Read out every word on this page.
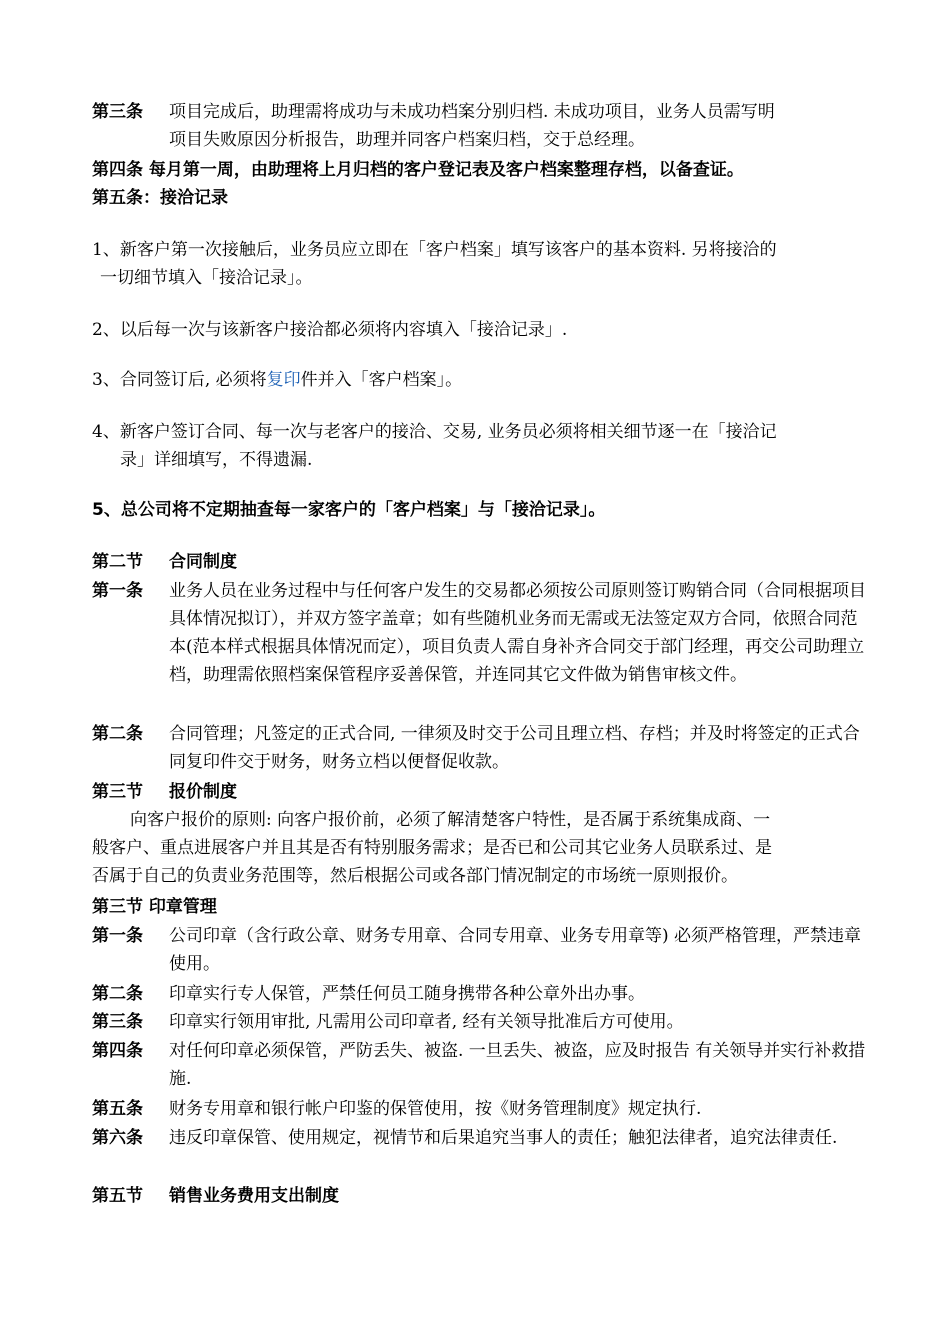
第三条 项目完成后，助理需将成功与未成功档案分别归档. 未成功项目，业务人员需写明
项目失败原因分析报告，助理并同客户档案归档，交于总经理。
第四条 每月第一周，由助理将上月归档的客户登记表及客户档案整理存档，以备查证。
第五条：接洽记录
1、新客户第一次接触后，业务员应立即在「客户档案」填写该客户的基本资料. 另将接洽的
一切细节填入「接洽记录」。
2、以后每一次与该新客户接洽都必须将内容填入「接洽记录」.
3、合同签订后, 必须将复印件并入「客户档案」。
4、新客户签订合同、每一次与老客户的接洽、交易, 业务员必须将相关细节逐一在「接洽记
录」详细填写，不得遗漏.
5、总公司将不定期抽查每一家客户的「客户档案」与「接洽记录」。
第二节 合同制度
第一条	业务人员在业务过程中与任何客户发生的交易都必须按公司原则签订购销合同（合同根据项目具体情况拟订），并双方签字盖章；如有些随机业务而无需或无法签定双方合同，依照合同范本(范本样式根据具体情况而定），项目负责人需自身补齐合同交于部门经理，再交公司助理立档，助理需依照档案保管程序妥善保管，并连同其它文件做为销售审核文件。
第二条	合同管理；凡签定的正式合同, 一律须及时交于公司且理立档、存档；并及时将签定的正式合同复印件交于财务，财务立档以便督促收款。
第三节 报价制度
向客户报价的原则: 向客户报价前，必须了解清楚客户特性，是否属于系统集成商、一
般客户、重点进展客户并且其是否有特别服务需求；是否已和公司其它业务人员联系过、是
否属于自己的负责业务范围等，然后根据公司或各部门情况制定的市场统一原则报价。
第三节 印章管理
第一条	公司印章（含行政公章、财务专用章、合同专用章、业务专用章等) 必须严格管理，严禁违章使用。
第二条	印章实行专人保管，严禁任何员工随身携带各种公章外出办事。
第三条	印章实行领用审批, 凡需用公司印章者, 经有关领导批准后方可使用。
第四条	对任何印章必须保管，严防丢失、被盗. 一旦丢失、被盗，应及时报告 有关领导并实行补救措施.
第五条	财务专用章和银行帐户印鉴的保管使用，按《财务管理制度》规定执行.
第六条	违反印章保管、使用规定，视情节和后果追究当事人的责任；触犯法律者，追究法律责任.
第五节 销售业务费用支出制度
